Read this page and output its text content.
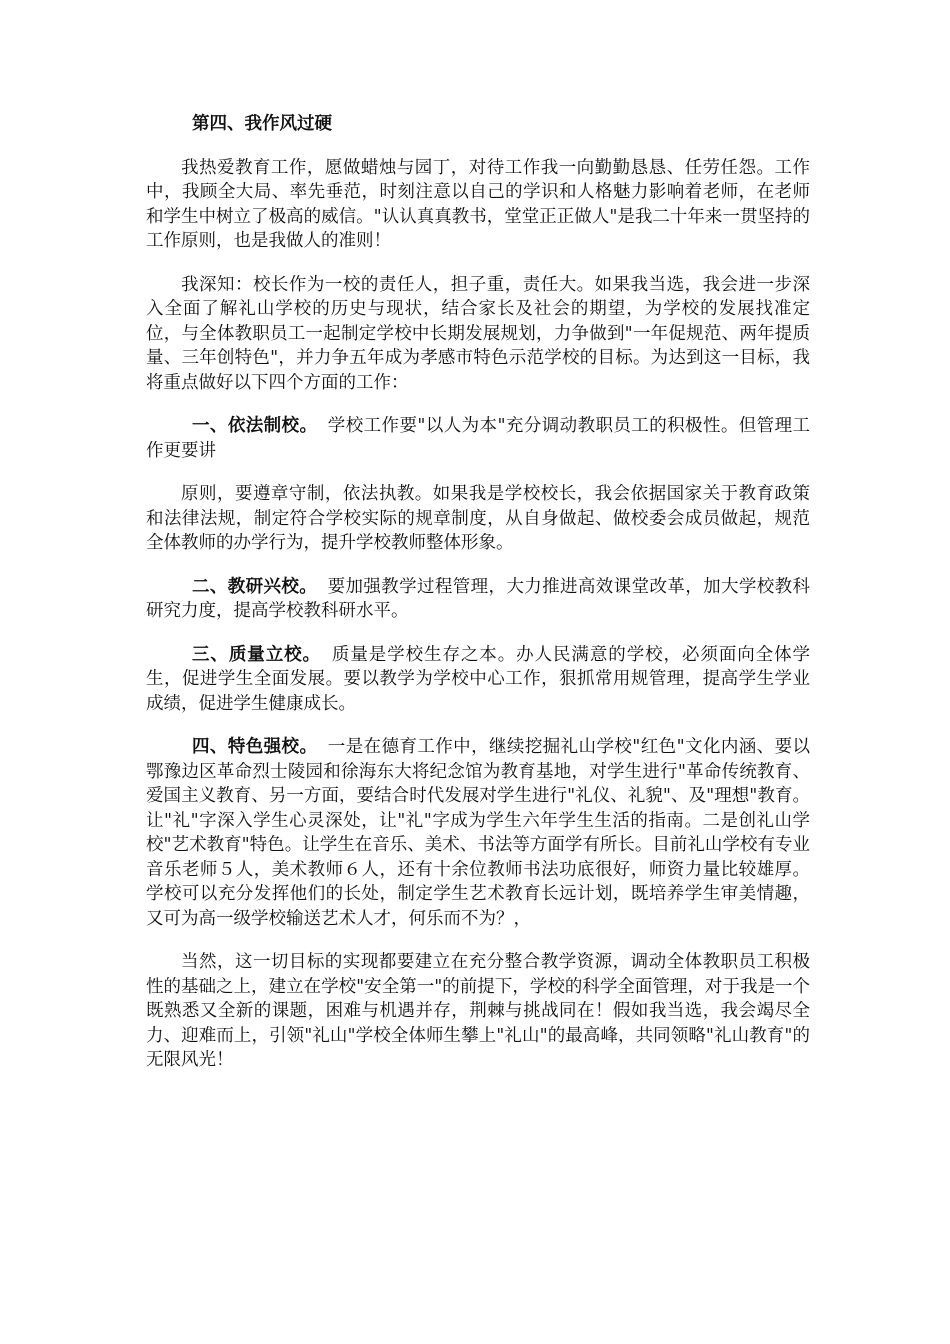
第四、我作风过硬

我热爱教育工作，愿做蜡烛与园丁，对待工作我一向勤勤恳恳、任劳任怨。工作中，我顾全大局、率先垂范，时刻注意以自己的学识和人格魅力影响着老师，在老师和学生中树立了极高的威信。"认认真真教书，堂堂正正做人"是我二十年来一贯坚持的工作原则，也是我做人的准则！

我深知：校长作为一校的责任人，担子重，责任大。如果我当选，我会进一步深入全面了解礼山学校的历史与现状，结合家长及社会的期望，为学校的发展找准定位，与全体教职员工一起制定学校中长期发展规划，力争做到"一年促规范、两年提质量、三年创特色"，并力争五年成为孝感市特色示范学校的目标。为达到这一目标，我将重点做好以下四个方面的工作：

一、依法制校。 学校工作要"以人为本"充分调动教职员工的积极性。但管理工作更要讲

原则，要遵章守制，依法执教。如果我是学校校长，我会依据国家关于教育政策和法律法规，制定符合学校实际的规章制度，从自身做起、做校委会成员做起，规范全体教师的办学行为，提升学校教师整体形象。

二、教研兴校。 要加强教学过程管理，大力推进高效课堂改革，加大学校教科研究力度，提高学校教科研水平。

三、质量立校。 质量是学校生存之本。办人民满意的学校，必须面向全体学生，促进学生全面发展。要以教学为学校中心工作，狠抓常用规管理，提高学生学业成绩，促进学生健康成长。

四、特色强校。 一是在德育工作中，继续挖掘礼山学校"红色"文化内涵、要以鄂豫边区革命烈士陵园和徐海东大将纪念馆为教育基地，对学生进行"革命传统教育、爱国主义教育、另一方面，要结合时代发展对学生进行"礼仪、礼貌"、及"理想"教育。让"礼"字深入学生心灵深处，让"礼"字成为学生六年学生生活的指南。二是创礼山学校"艺术教育"特色。让学生在音乐、美术、书法等方面学有所长。目前礼山学校有专业音乐老师５人，美术教师６人，还有十余位教师书法功底很好，师资力量比较雄厚。学校可以充分发挥他们的长处，制定学生艺术教育长远计划，既培养学生审美情趣，又可为高一级学校输送艺术人才，何乐而不为？，

当然，这一切目标的实现都要建立在充分整合教学资源，调动全体教职员工积极性的基础之上，建立在学校"安全第一"的前提下，学校的科学全面管理，对于我是一个既熟悉又全新的课题，困难与机遇并存，荆棘与挑战同在！假如我当选，我会竭尽全力、迎难而上，引领"礼山"学校全体师生攀上"礼山"的最高峰，共同领略"礼山教育"的无限风光！
